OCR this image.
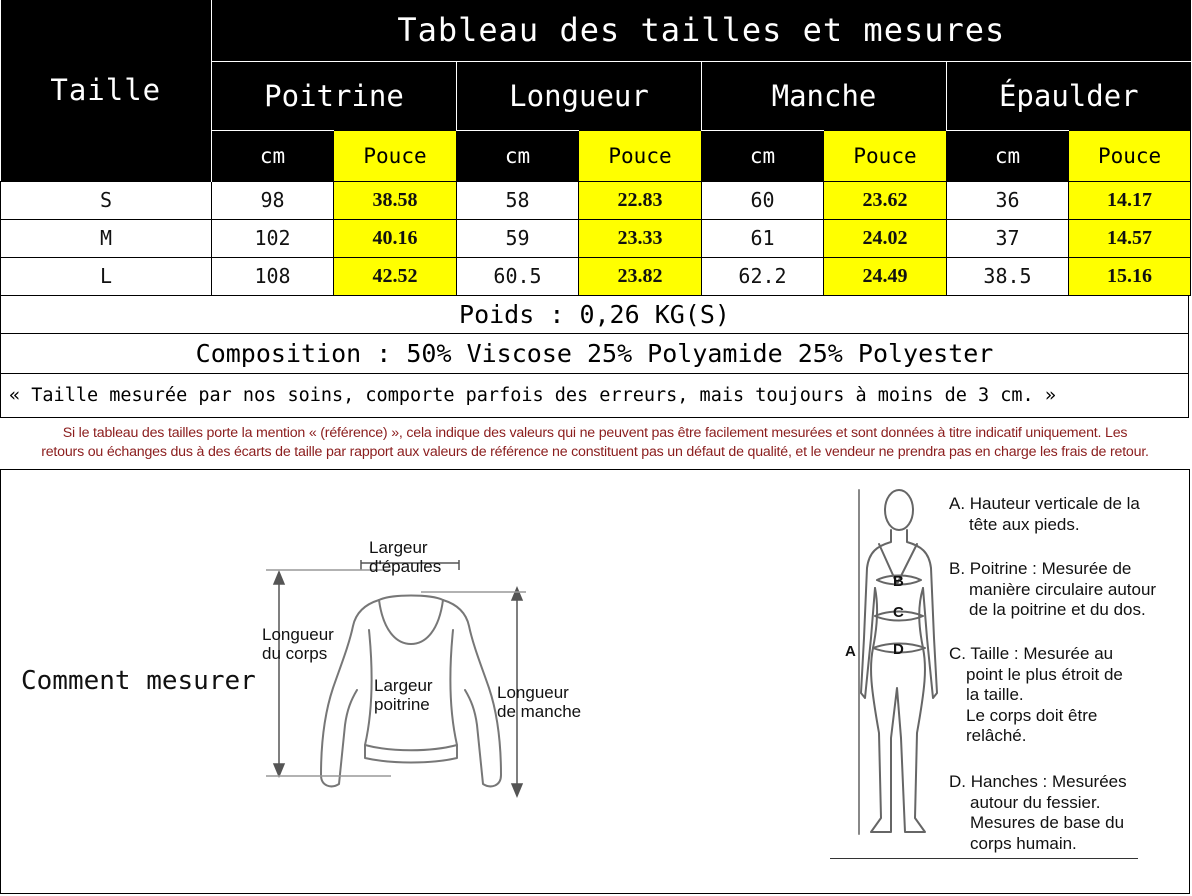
Taille	Tableau des tailles et mesures							
	Poitrine		Longueur		Manche		Épaulder	
	cm	Pouce	cm	Pouce	cm	Pouce	cm	Pouce
S	98	38.58	58	22.83	60	23.62	36	14.17
M	102	40.16	59	23.33	61	24.02	37	14.57
L	108	42.52	60.5	23.82	62.2	24.49	38.5	15.16
Poids : 0,26 KG(S)
Composition : 50% Viscose 25% Polyamide 25% Polyester
« Taille mesurée par nos soins, comporte parfois des erreurs, mais toujours à moins de 3 cm. »
Si le tableau des tailles porte la mention « (référence) », cela indique des valeurs qui ne peuvent pas être facilement mesurées et sont données à titre indicatif uniquement. Les
retours ou échanges dus à des écarts de taille par rapport aux valeurs de référence ne constituent pas un défaut de qualité, et le vendeur ne prendra pas en charge les frais de retour.
Comment mesurer
Largeur
d'épaules
Longueur
du corps
Largeur
poitrine
Longueur
de manche
B
C
D
A
A. Hauteur verticale de la
tête aux pieds.
B. Poitrine : Mesurée de
manière circulaire autour
de la poitrine et du dos.
C. Taille : Mesurée au
point le plus étroit de
la taille.
Le corps doit être
relâché.
D. Hanches : Mesurées
autour du fessier.
Mesures de base du
corps humain.
